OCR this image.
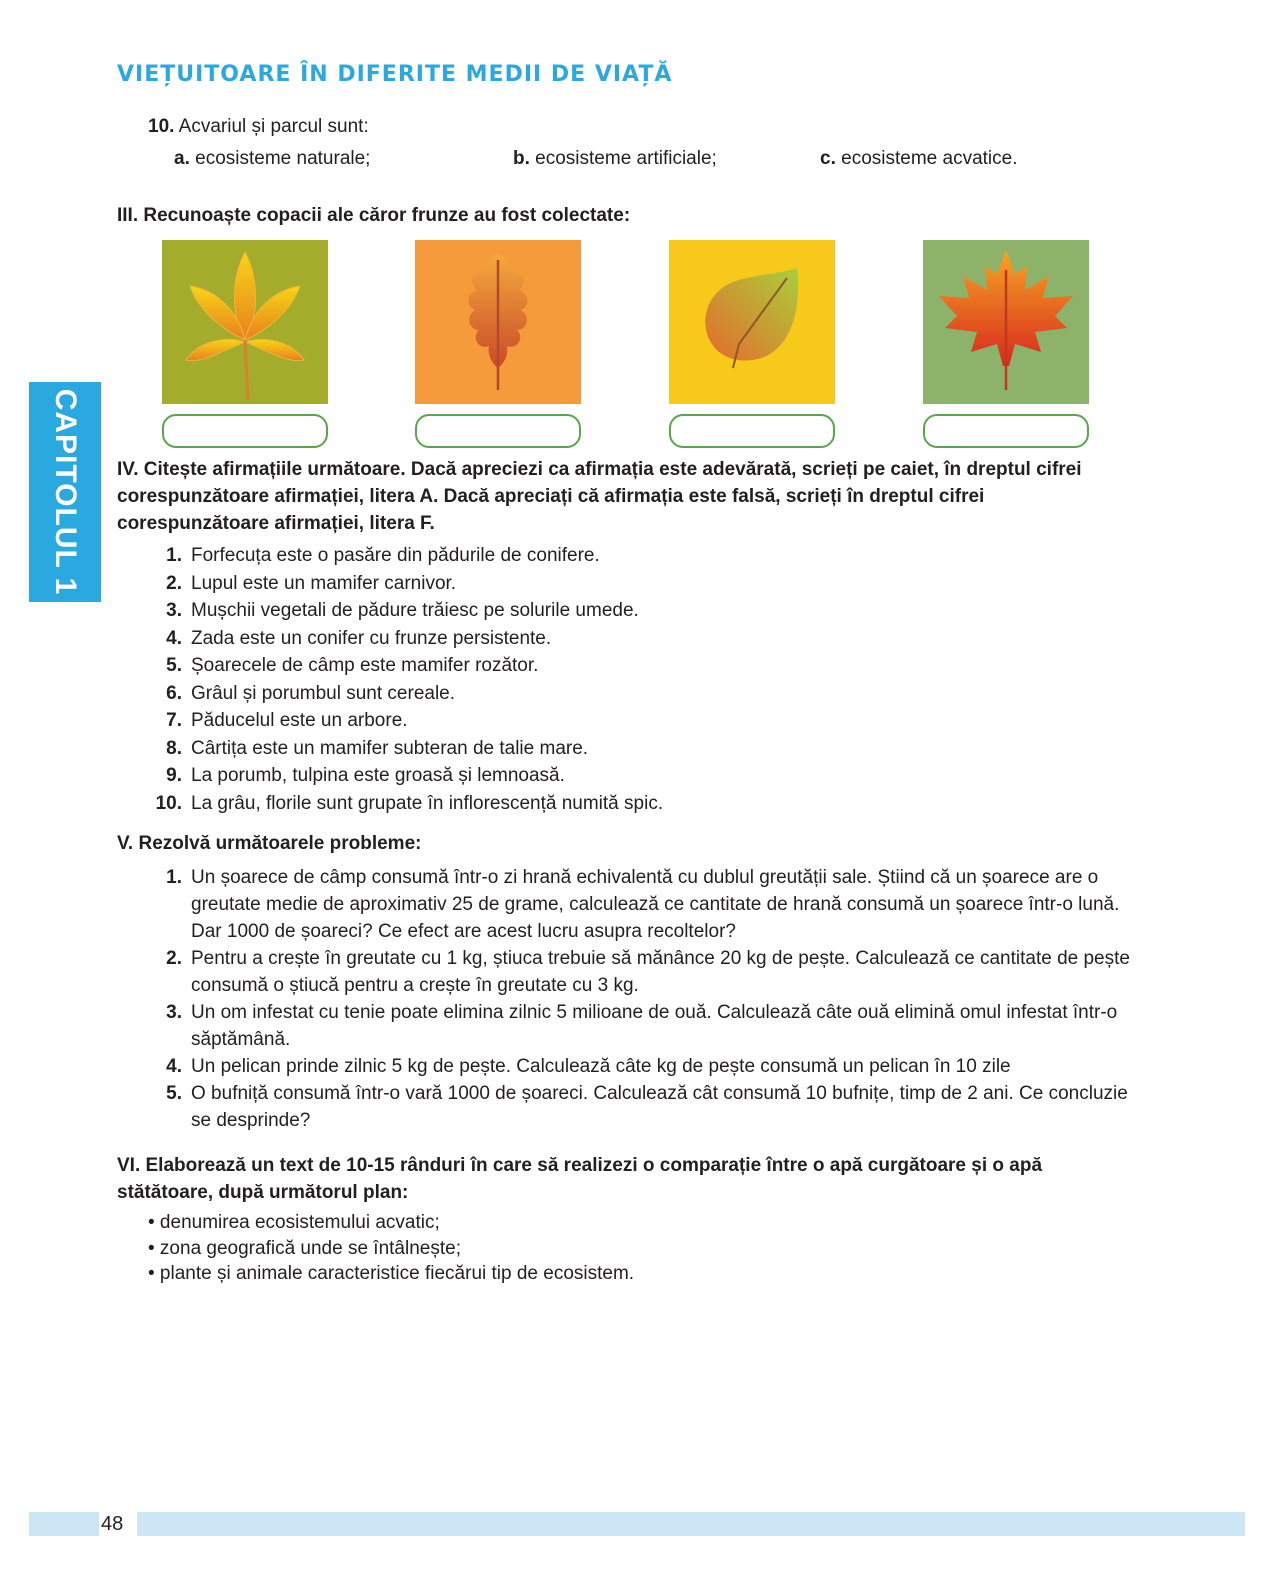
VIEȚUITOARE ÎN DIFERITE MEDII DE VIAȚĂ
10. Acvariul și parcul sunt:
a. ecosisteme naturale;	b. ecosisteme artificiale;	c. ecosisteme acvatice.
III. Recunoaște copacii ale căror frunze au fost colectate:
CAPITOLUL 1 IV. Citește afirmațiile următoare. Dacă apreciezi ca afirmația este adevărată, scrieți pe caiet, în dreptul cifrei corespunzătoare afirmației, litera A. Dacă apreciați că afirmația este falsă, scrieți în dreptul cifrei corespunzătoare afirmației, litera F.
1. Forfecuța este o pasăre din pădurile de conifere.
2. Lupul este un mamifer carnivor.
3. Mușchii vegetali de pădure trăiesc pe solurile umede.
4. Zada este un conifer cu frunze persistente.
5. Șoarecele de câmp este mamifer rozător.
6. Grâul și porumbul sunt cereale.
7. Păducelul este un arbore.
8. Cârtița este un mamifer subteran de talie mare.
9. La porumb, tulpina este groasă și lemnoasă.
10. La grâu, florile sunt grupate în inflorescență numită spic.
V. Rezolvă următoarele probleme:
1. Un șoarece de câmp consumă într-o zi hrană echivalentă cu dublul greutății sale. Știind că un șoarece are o greutate medie de aproximativ 25 de grame, calculează ce cantitate de hrană consumă un șoarece într-o lună. Dar 1000 de șoareci? Ce efect are acest lucru asupra recoltelor?
2. Pentru a crește în greutate cu 1 kg, știuca trebuie să mănânce 20 kg de pește. Calculează ce cantitate de pește consumă o știucă pentru a crește în greutate cu 3 kg.
3. Un om infestat cu tenie poate elimina zilnic 5 milioane de ouă. Calculează câte ouă elimină omul infestat într-o săptămână.
4. Un pelican prinde zilnic 5 kg de pește. Calculează câte kg de pește consumă un pelican în 10 zile
5. O bufniță consumă într-o vară 1000 de șoareci. Calculează cât consumă 10 bufnițe, timp de 2 ani. Ce concluzie se desprinde?
VI. Elaborează un text de 10-15 rânduri în care să realizezi o comparație între o apă curgătoare și o apă stătătoare, după următorul plan:
• denumirea ecosistemului acvatic;
• zona geografică unde se întâlnește;
• plante și animale caracteristice fiecărui tip de ecosistem.
48
